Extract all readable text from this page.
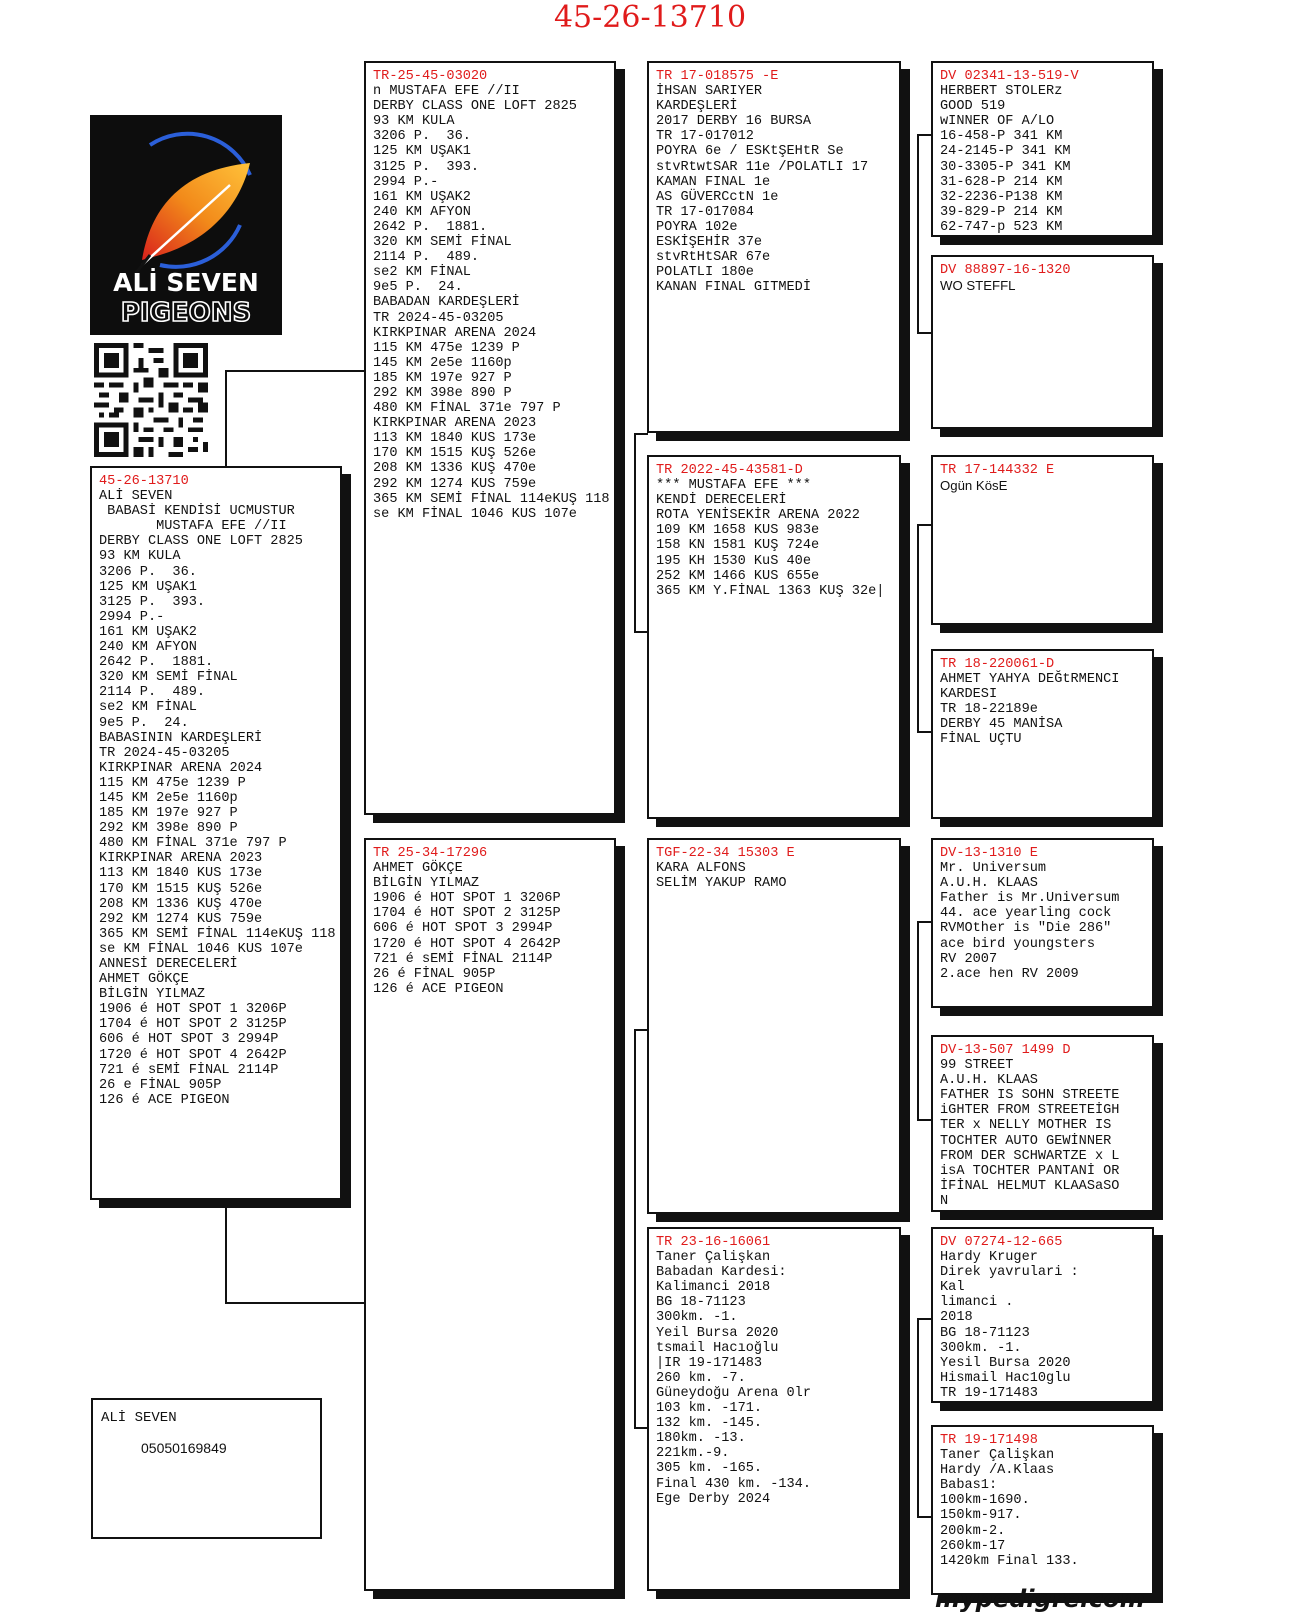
45-26-13710
ALİ SEVEN
PIGEONS
45-26-13710
ALİ SEVEN
BABASİ KENDİSİ UCMUSTUR
MUSTAFA EFE //II
DERBY CLASS ONE LOFT 2825
93 KM KULA
3206 P.  36.
125 KM UŞAK1
3125 P.  393.
2994 P.-
161 KM UŞAK2
240 KM AFYON
2642 P.  1881.
320 KM SEMİ FİNAL
2114 P.  489.
se2 KM FİNAL
9e5 P.  24.
BABASININ KARDEŞLERİ
TR 2024-45-03205
KIRKPINAR ARENA 2024
115 KM 475e 1239 P
145 KM 2e5e 1160p
185 KM 197e 927 P
292 KM 398e 890 P
480 KM FİNAL 371e 797 P
KIRKPINAR ARENA 2023
113 KM 1840 KUS 173e
170 KM 1515 KUŞ 526e
208 KM 1336 KUŞ 470e
292 KM 1274 KUS 759e
365 KM SEMİ FİNAL 114eKUŞ 118
se KM FİNAL 1046 KUS 107e
ANNESİ DERECELERİ
AHMET GÖKÇE
BİLGİN YILMAZ
1906 é HOT SPOT 1 3206P
1704 é HOT SPOT 2 3125P
606 é HOT SPOT 3 2994P
1720 é HOT SPOT 4 2642P
721 é sEMİ FİNAL 2114P
26 e FİNAL 905P
126 é ACE PIGEON
TR-25-45-03020
n MUSTAFA EFE //II
DERBY CLASS ONE LOFT 2825
93 KM KULA
3206 P.  36.
125 KM UŞAK1
3125 P.  393.
2994 P.-
161 KM UŞAK2
240 KM AFYON
2642 P.  1881.
320 KM SEMİ FİNAL
2114 P.  489.
se2 KM FİNAL
9e5 P.  24.
BABADAN KARDEŞLERİ
TR 2024-45-03205
KIRKPINAR ARENA 2024
115 KM 475e 1239 P
145 KM 2e5e 1160p
185 KM 197e 927 P
292 KM 398e 890 P
480 KM FİNAL 371e 797 P
KIRKPINAR ARENA 2023
113 KM 1840 KUS 173e
170 KM 1515 KUŞ 526e
208 KM 1336 KUŞ 470e
292 KM 1274 KUS 759e
365 KM SEMİ FİNAL 114eKUŞ 118
se KM FİNAL 1046 KUS 107e
TR 25-34-17296
AHMET GÖKÇE
BİLGİN YILMAZ
1906 é HOT SPOT 1 3206P
1704 é HOT SPOT 2 3125P
606 é HOT SPOT 3 2994P
1720 é HOT SPOT 4 2642P
721 é sEMİ FİNAL 2114P
26 é FİNAL 905P
126 é ACE PIGEON
TR 17-018575 -E
İHSAN SARIYER
KARDEŞLERİ
2017 DERBY 16 BURSA
TR 17-017012
POYRA 6e / ESKtŞEHtR Se
stvRtwtSAR 11e /POLATLI 17
KAMAN FINAL 1e
AS GÜVERCctN 1e
TR 17-017084
POYRA 102e
ESKİŞEHİR 37e
stvRtHtSAR 67e
POLATLI 180e
KANAN FINAL GITMEDİ
TR 2022-45-43581-D
*** MUSTAFA EFE ***
KENDİ DERECELERİ
ROTA YENİSEKİR ARENA 2022
109 KM 1658 KUS 983e
158 KN 1581 KUŞ 724e
195 KH 1530 KuS 40e
252 KM 1466 KUS 655e
365 KM Y.FİNAL 1363 KUŞ 32e|
TGF-22-34 15303 E
KARA ALFONS
SELİM YAKUP RAMO
TR 23-16-16061
Taner Çalişkan
Babadan Kardesi:
Kalimanci 2018
BG 18-71123
300km. -1.
Yeil Bursa 2020
tsmail Hacıoğlu
|IR 19-171483
260 km. -7.
Güneydoğu Arena 0lr
103 km. -171.
132 km. -145.
180km. -13.
221km.-9.
305 km. -165.
Final 430 km. -134.
Ege Derby 2024
DV 02341-13-519-V
HERBERT STOLERz
GOOD 519
wINNER OF A/LO
16-458-P 341 KM
24-2145-P 341 KM
30-3305-P 341 KM
31-628-P 214 KM
32-2236-P138 KM
39-829-P 214 KM
62-747-p 523 KM
DV 88897-16-1320
WO STEFFL
TR 17-144332 E
Ogün KösE
TR 18-220061-D
AHMET YAHYA DEĞtRMENCI
KARDESI
TR 18-22189e
DERBY 45 MANİSA
FİNAL UÇTU
DV-13-1310 E
Mr. Universum
A.U.H. KLAAS
Father is Mr.Universum
44. ace yearling cock
RVMOther is "Die 286"
ace bird youngsters
RV 2007
2.ace hen RV 2009
DV-13-507 1499 D
99 STREET
A.U.H. KLAAS
FATHER IS SOHN STREETE
iGHTER FROM STREETEİGH
TER x NELLY MOTHER IS
TOCHTER AUTO GEWİNNER
FROM DER SCHWARTZE x L
isA TOCHTER PANTANİ OR
İFİNAL HELMUT KLAASaSO
N
DV 07274-12-665
Hardy Kruger
Direk yavrulari :
Kal
limanci .
2018
BG 18-71123
300km. -1.
Yesil Bursa 2020
Hismail Hac10glu
TR 19-171483
TR 19-171498
Taner Çalişkan
Hardy /A.Klaas
Babas1:
100km-1690.
150km-917.
200km-2.
260km-17
1420km Final 133.
ALİ SEVEN
05050169849
mypedigre.com
